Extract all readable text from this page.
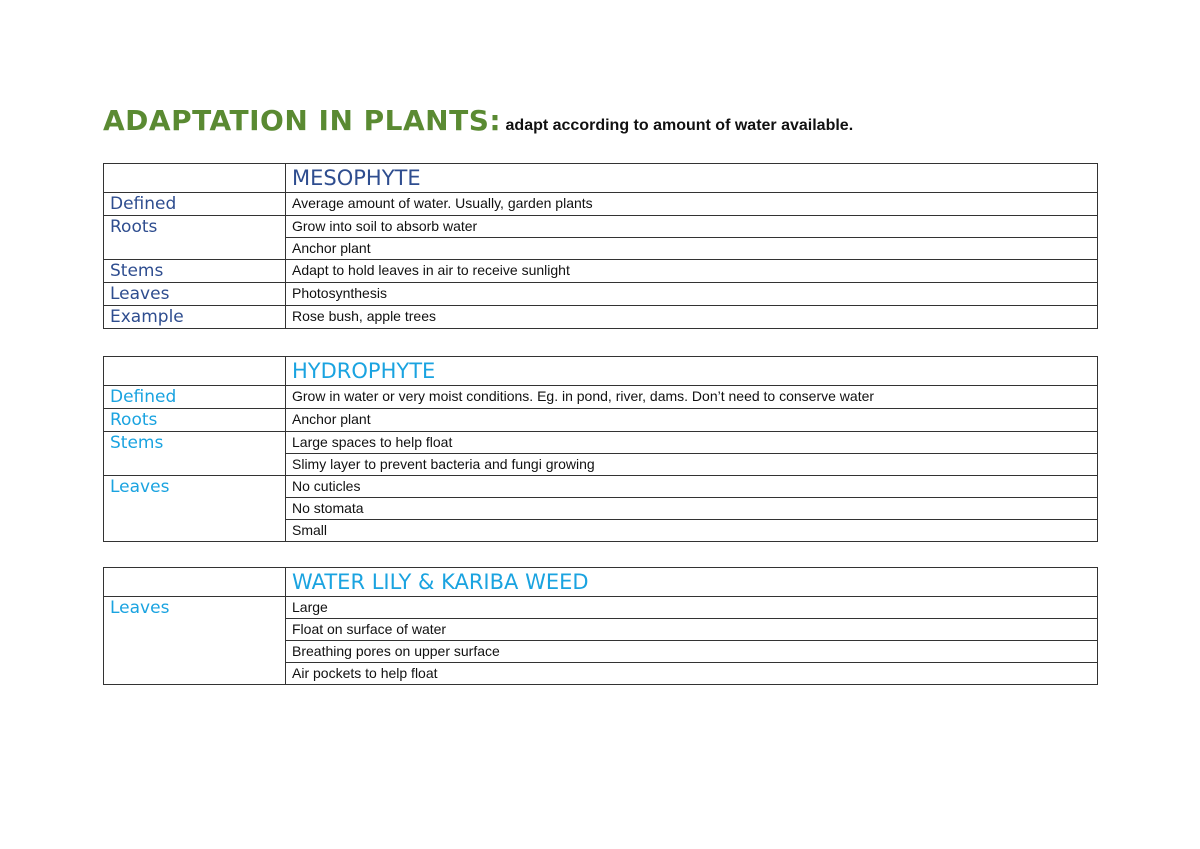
ADAPTATION IN PLANTS: adapt according to amount of water available.
	MESOPHYTE
Defined	Average amount of water. Usually, garden plants
Roots	Grow into soil to absorb water
	Anchor plant
Stems	Adapt to hold leaves in air to receive sunlight
Leaves	Photosynthesis
Example	Rose bush, apple trees
	HYDROPHYTE
Defined	Grow in water or very moist conditions. Eg. in pond, river, dams. Don’t need to conserve water
Roots	Anchor plant
Stems	Large spaces to help float
	Slimy layer to prevent bacteria and fungi growing
Leaves	No cuticles
	No stomata
	Small
	WATER LILY & KARIBA WEED
Leaves	Large
	Float on surface of water
	Breathing pores on upper surface
	Air pockets to help float
